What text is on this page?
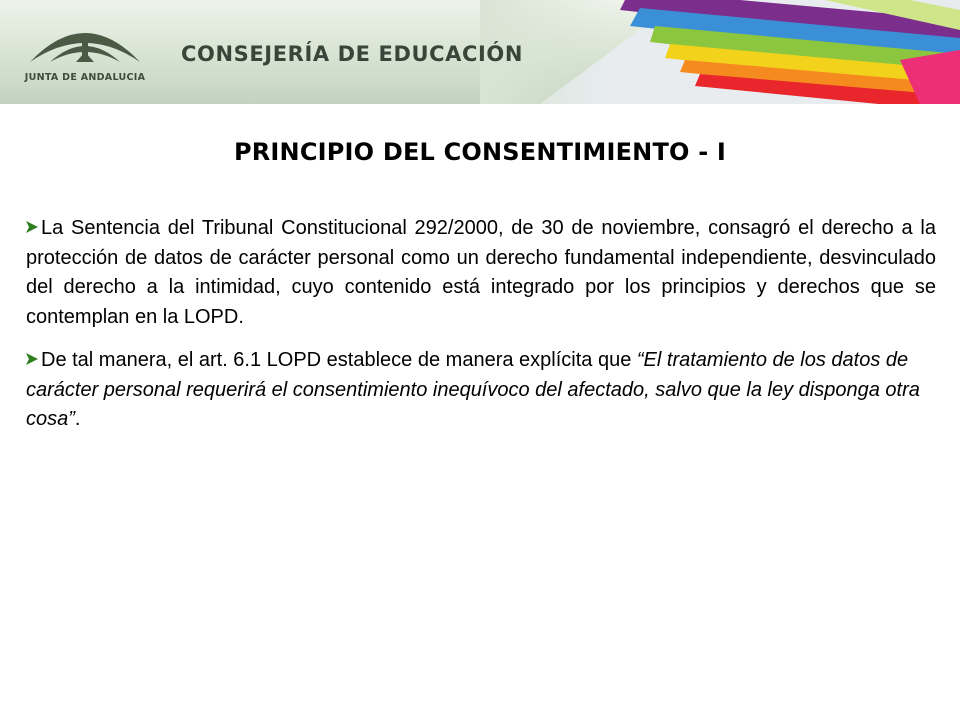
JUNTA DE ANDALUCIA
CONSEJERÍA DE EDUCACIÓN
PRINCIPIO DEL CONSENTIMIENTO - I

La Sentencia del Tribunal Constitucional 292/2000, de 30 de noviembre, consagró el derecho a la protección de datos de carácter personal como un derecho fundamental independiente, desvinculado del derecho a la intimidad, cuyo contenido está integrado por los principios y derechos que se contemplan en la LOPD.

De tal manera, el art. 6.1 LOPD establece de manera explícita que “El tratamiento de los datos de carácter personal requerirá el consentimiento inequívoco del afectado, salvo que la ley disponga otra cosa”.
